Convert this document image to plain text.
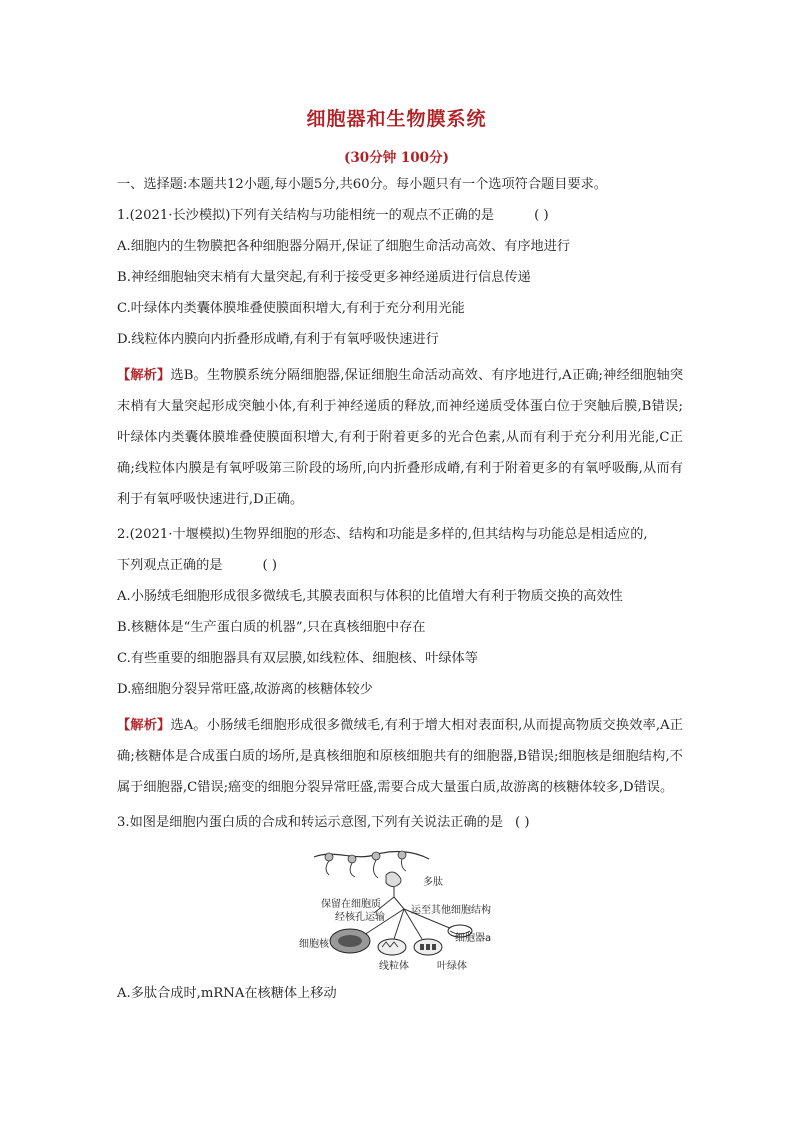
细胞器和生物膜系统
(30分钟 100分)
一、选择题:本题共12小题,每小题5分,共60分。每小题只有一个选项符合题目要求。
1.(2021·长沙模拟)下列有关结构与功能相统一的观点不正确的是	( )
A.细胞内的生物膜把各种细胞器分隔开,保证了细胞生命活动高效、有序地进行
B.神经细胞轴突末梢有大量突起,有利于接受更多神经递质进行信息传递
C.叶绿体内类囊体膜堆叠使膜面积增大,有利于充分利用光能
D.线粒体内膜向内折叠形成嵴,有利于有氧呼吸快速进行
【解析】选B。生物膜系统分隔细胞器,保证细胞生命活动高效、有序地进行,A正确;神经细胞轴突末梢有大量突起形成突触小体,有利于神经递质的释放,而神经递质受体蛋白位于突触后膜,B错误;叶绿体内类囊体膜堆叠使膜面积增大,有利于附着更多的光合色素,从而有利于充分利用光能,C正确;线粒体内膜是有氧呼吸第三阶段的场所,向内折叠形成嵴,有利于附着更多的有氧呼吸酶,从而有利于有氧呼吸快速进行,D正确。
2.(2021·十堰模拟)生物界细胞的形态、结构和功能是多样的,但其结构与功能总是相适应的,
下列观点正确的是	( )
A.小肠绒毛细胞形成很多微绒毛,其膜表面积与体积的比值增大有利于物质交换的高效性
B.核糖体是“生产蛋白质的机器”,只在真核细胞中存在
C.有些重要的细胞器具有双层膜,如线粒体、细胞核、叶绿体等
D.癌细胞分裂异常旺盛,故游离的核糖体较少
【解析】选A。小肠绒毛细胞形成很多微绒毛,有利于增大相对表面积,从而提高物质交换效率,A正确;核糖体是合成蛋白质的场所,是真核细胞和原核细胞共有的细胞器,B错误;细胞核是细胞结构,不属于细胞器,C错误;癌变的细胞分裂异常旺盛,需要合成大量蛋白质,故游离的核糖体较多,D错误。
3.如图是细胞内蛋白质的合成和转运示意图,下列有关说法正确的是 ( )
多肽
保留在细胞质
经核孔运输
运至其他细胞结构
细胞核
细胞器a
线粒体	叶绿体
A.多肽合成时,mRNA在核糖体上移动
